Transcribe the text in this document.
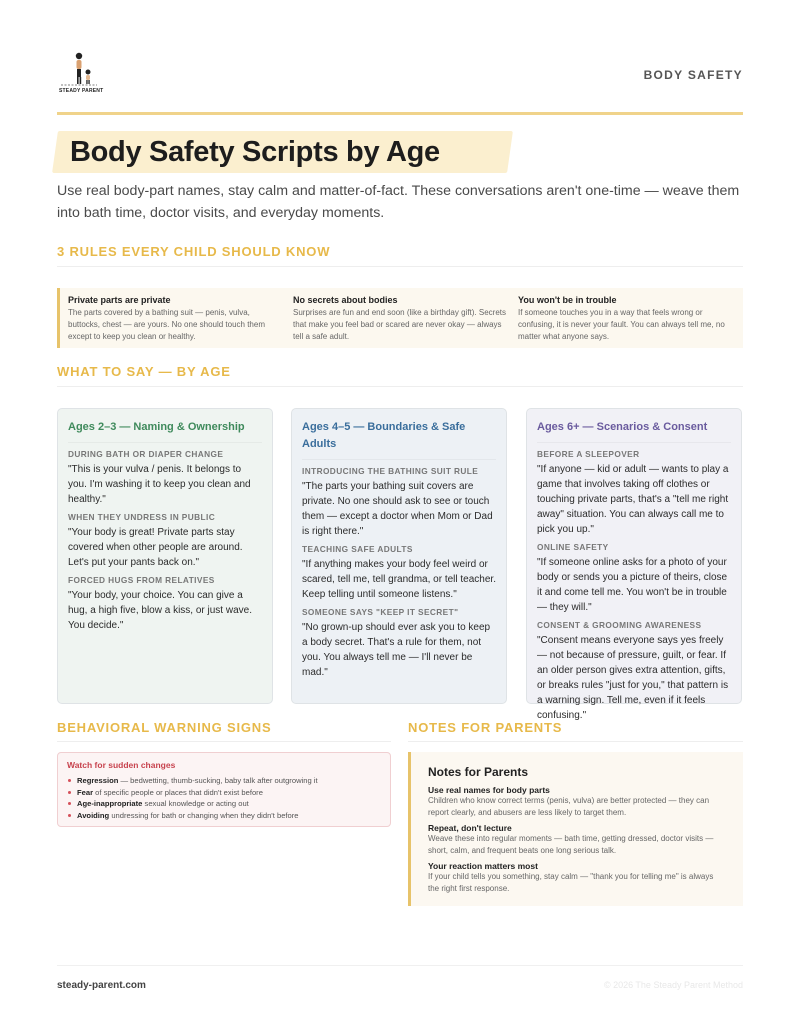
STEADY PARENT
BODY SAFETY
Body Safety Scripts by Age

Use real body-part names, stay calm and matter-of-fact. These conversations aren't one-time — weave them into bath time, doctor visits, and everyday moments.

3 RULES EVERY CHILD SHOULD KNOW
Private parts are private
The parts covered by a bathing suit — penis, vulva, buttocks, chest — are yours. No one should touch them except to keep you clean or healthy.
No secrets about bodies
Surprises are fun and end soon (like a birthday gift). Secrets that make you feel bad or scared are never okay — always tell a safe adult.
You won't be in trouble
If someone touches you in a way that feels wrong or confusing, it is never your fault. You can always tell me, no matter what anyone says.
WHAT TO SAY — BY AGE
Ages 2–3 — Naming & Ownership
DURING BATH OR DIAPER CHANGE
"This is your vulva / penis. It belongs to you. I'm washing it to keep you clean and healthy."
WHEN THEY UNDRESS IN PUBLIC
"Your body is great! Private parts stay covered when other people are around. Let's put your pants back on."
FORCED HUGS FROM RELATIVES
"Your body, your choice. You can give a hug, a high five, blow a kiss, or just wave. You decide."
Ages 4–5 — Boundaries & Safe Adults
INTRODUCING THE BATHING SUIT RULE
"The parts your bathing suit covers are private. No one should ask to see or touch them — except a doctor when Mom or Dad is right there."
TEACHING SAFE ADULTS
"If anything makes your body feel weird or scared, tell me, tell grandma, or tell teacher. Keep telling until someone listens."
SOMEONE SAYS "KEEP IT SECRET"
"No grown-up should ever ask you to keep a body secret. That's a rule for them, not you. You always tell me — I'll never be mad."
Ages 6+ — Scenarios & Consent
BEFORE A SLEEPOVER
"If anyone — kid or adult — wants to play a game that involves taking off clothes or touching private parts, that's a "tell me right away" situation. You can always call me to pick you up."
ONLINE SAFETY
"If someone online asks for a photo of your body or sends you a picture of theirs, close it and come tell me. You won't be in trouble — they will."
CONSENT & GROOMING AWARENESS
"Consent means everyone says yes freely — not because of pressure, guilt, or fear. If an older person gives extra attention, gifts, or breaks rules "just for you," that pattern is a warning sign. Tell me, even if it feels confusing."
BEHAVIORAL WARNING SIGNS
Watch for sudden changes
Regression — bedwetting, thumb-sucking, baby talk after outgrowing it
Fear of specific people or places that didn't exist before
Age-inappropriate sexual knowledge or acting out
Avoiding undressing for bath or changing when they didn't before
NOTES FOR PARENTS
Notes for Parents
Use real names for body parts
Children who know correct terms (penis, vulva) are better protected — they can report clearly, and abusers are less likely to target them.
Repeat, don't lecture
Weave these into regular moments — bath time, getting dressed, doctor visits — short, calm, and frequent beats one long serious talk.
Your reaction matters most
If your child tells you something, stay calm — "thank you for telling me" is always the right first response.
steady-parent.com	© 2026 The Steady Parent Method
